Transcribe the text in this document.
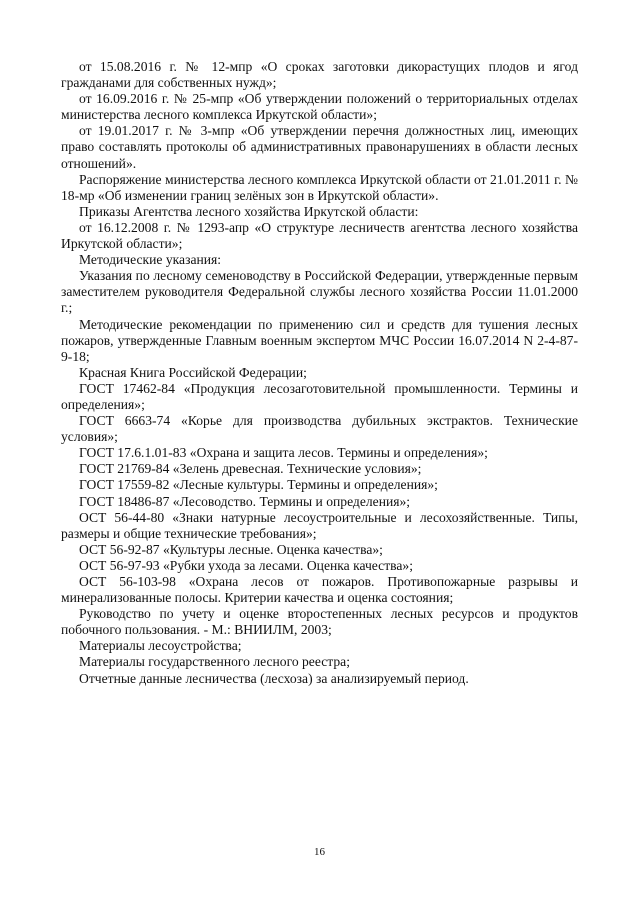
от 15.08.2016 г. № 12-мпр «О сроках заготовки дикорастущих плодов и ягод гражданами для собственных нужд»;

от 16.09.2016 г. № 25-мпр «Об утверждении положений о территориальных отделах министерства лесного комплекса Иркутской области»;

от 19.01.2017 г. № 3-мпр «Об утверждении перечня должностных лиц, имеющих право составлять протоколы об административных правонарушениях в области лесных отношений».

Распоряжение министерства лесного комплекса Иркутской области от 21.01.2011 г. № 18-мр «Об изменении границ зелёных зон в Иркутской области».

Приказы Агентства лесного хозяйства Иркутской области:

от 16.12.2008 г. № 1293-апр «О структуре лесничеств агентства лесного хозяйства Иркутской области»;

Методические указания:

Указания по лесному семеноводству в Российской Федерации, утвержденные первым заместителем руководителя Федеральной службы лесного хозяйства России 11.01.2000 г.;

Методические рекомендации по применению сил и средств для тушения лесных пожаров, утвержденные Главным военным экспертом МЧС России 16.07.2014 N 2-4-87-9-18;

Красная Книга Российской Федерации;

ГОСТ 17462-84 «Продукция лесозаготовительной промышленности. Термины и определения»;

ГОСТ 6663-74 «Корье для производства дубильных экстрактов. Технические условия»;

ГОСТ 17.6.1.01-83 «Охрана и защита лесов. Термины и определения»;

ГОСТ 21769-84 «Зелень древесная. Технические условия»;

ГОСТ 17559-82 «Лесные культуры. Термины и определения»;

ГОСТ 18486-87 «Лесоводство. Термины и определения»;

ОСТ 56-44-80 «Знаки натурные лесоустроительные и лесохозяйственные. Типы, размеры и общие технические требования»;

ОСТ 56-92-87 «Культуры лесные. Оценка качества»;

ОСТ 56-97-93 «Рубки ухода за лесами. Оценка качества»;

ОСТ 56-103-98 «Охрана лесов от пожаров. Противопожарные разрывы и минерализованные полосы. Критерии качества и оценка состояния;

Руководство по учету и оценке второстепенных лесных ресурсов и продуктов побочного пользования. - М.: ВНИИЛМ, 2003;

Материалы лесоустройства;

Материалы государственного лесного реестра;

Отчетные данные лесничества (лесхоза) за анализируемый период.

16
